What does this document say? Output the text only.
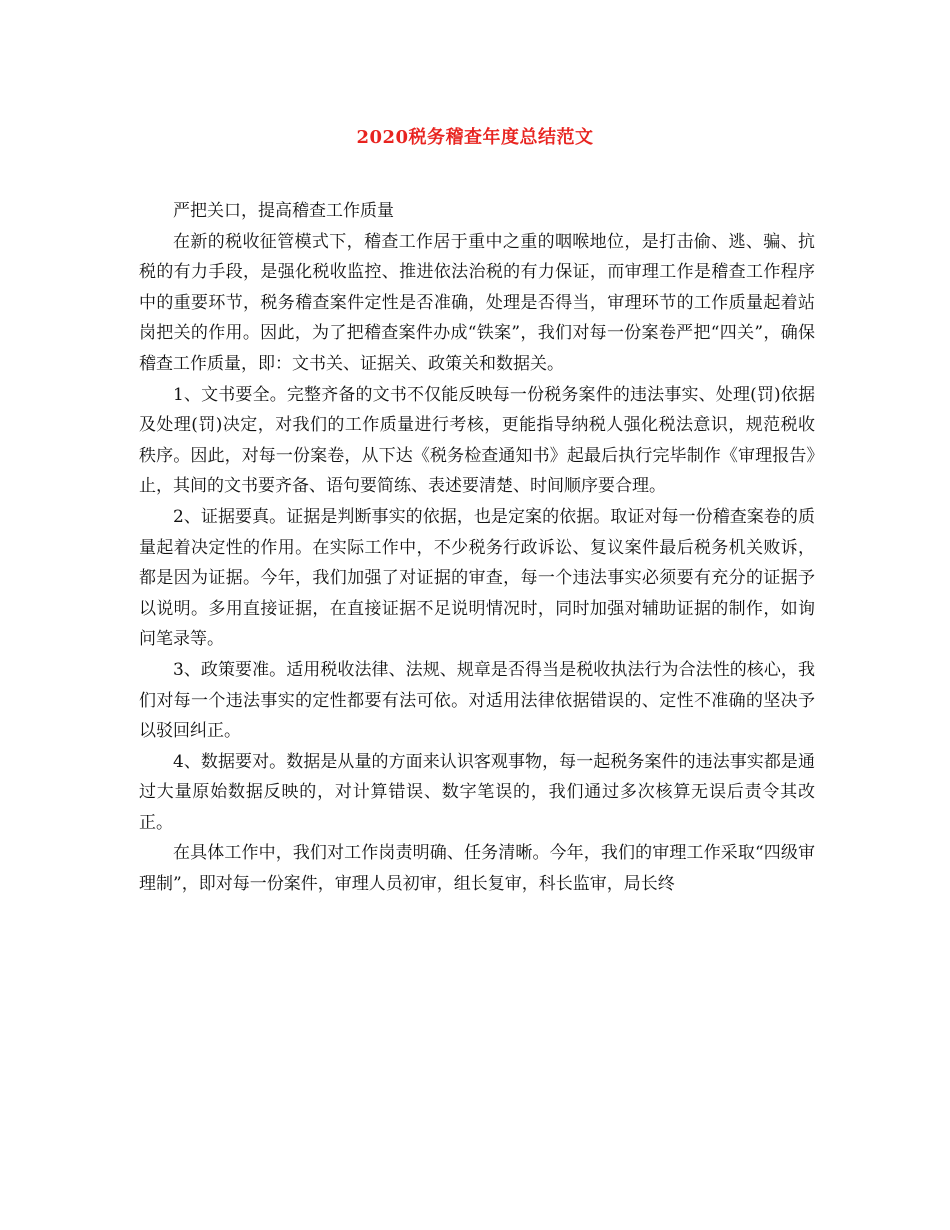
2020税务稽查年度总结范文

严把关口，提高稽查工作质量

在新的税收征管模式下，稽查工作居于重中之重的咽喉地位，是打击偷、逃、骗、抗税的有力手段，是强化税收监控、推进依法治税的有力保证，而审理工作是稽查工作程序中的重要环节，税务稽查案件定性是否准确，处理是否得当，审理环节的工作质量起着站岗把关的作用。因此，为了把稽查案件办成“铁案”，我们对每一份案卷严把“四关”，确保稽查工作质量，即：文书关、证据关、政策关和数据关。

1、文书要全。完整齐备的文书不仅能反映每一份税务案件的违法事实、处理(罚)依据及处理(罚)决定，对我们的工作质量进行考核，更能指导纳税人强化税法意识，规范税收秩序。因此，对每一份案卷，从下达《税务检查通知书》起最后执行完毕制作《审理报告》止，其间的文书要齐备、语句要简练、表述要清楚、时间顺序要合理。

2、证据要真。证据是判断事实的依据，也是定案的依据。取证对每一份稽查案卷的质量起着决定性的作用。在实际工作中，不少税务行政诉讼、复议案件最后税务机关败诉，都是因为证据。今年，我们加强了对证据的审查，每一个违法事实必须要有充分的证据予以说明。多用直接证据，在直接证据不足说明情况时，同时加强对辅助证据的制作，如询问笔录等。

3、政策要准。适用税收法律、法规、规章是否得当是税收执法行为合法性的核心，我们对每一个违法事实的定性都要有法可依。对适用法律依据错误的、定性不准确的坚决予以驳回纠正。

4、数据要对。数据是从量的方面来认识客观事物，每一起税务案件的违法事实都是通过大量原始数据反映的，对计算错误、数字笔误的，我们通过多次核算无误后责令其改正。

在具体工作中，我们对工作岗责明确、任务清晰。今年，我们的审理工作采取“四级审理制”，即对每一份案件，审理人员初审，组长复审，科长监审，局长终
